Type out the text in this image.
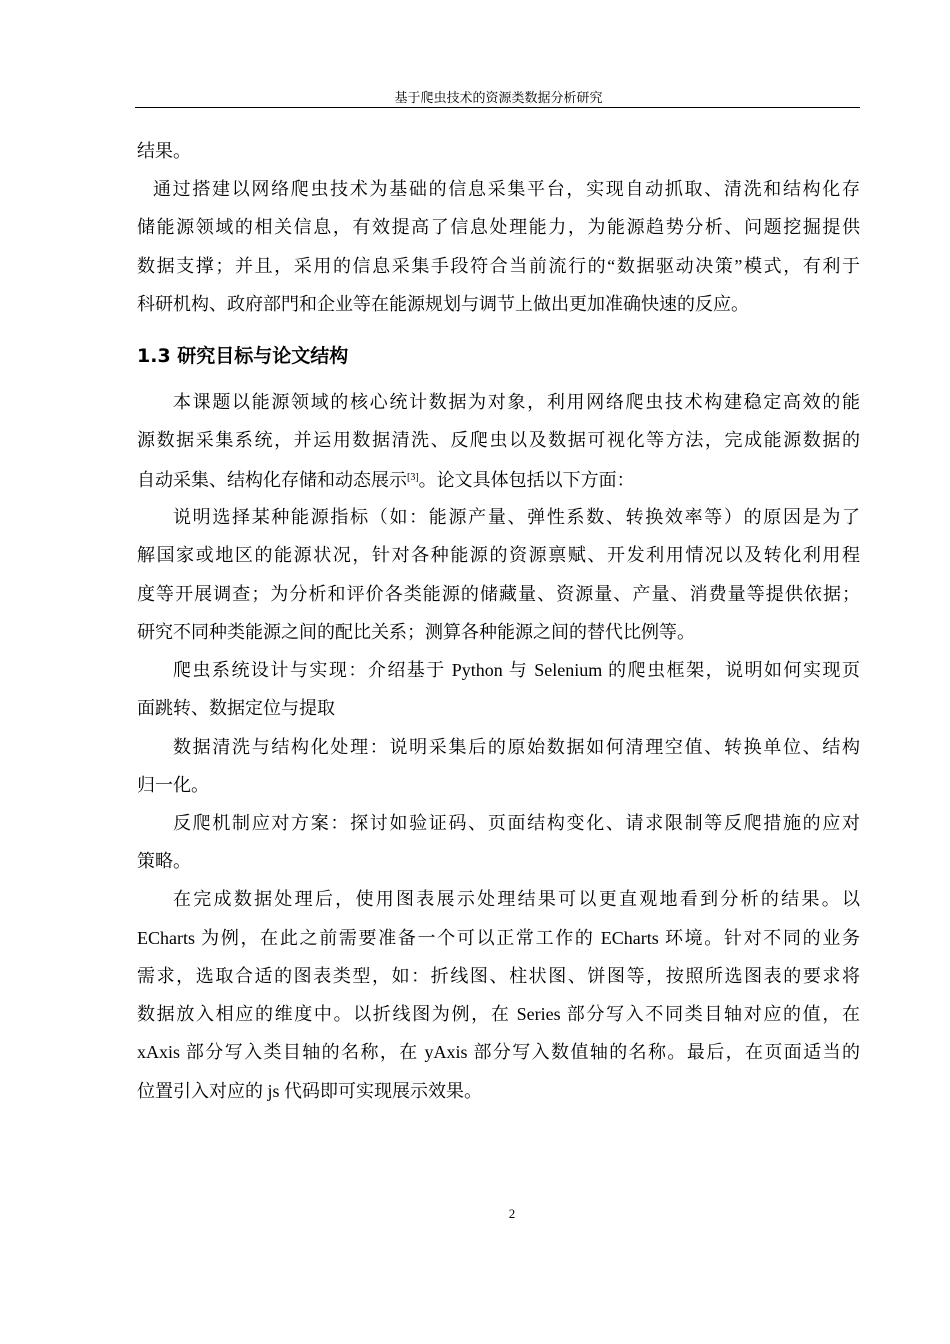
基于爬虫技术的资源类数据分析研究
结果。
通过搭建以网络爬虫技术为基础的信息采集平台，实现自动抓取、清洗和结构化存
储能源领域的相关信息，有效提高了信息处理能力，为能源趋势分析、问题挖掘提供
数据支撑；并且，采用的信息采集手段符合当前流行的“数据驱动决策”模式，有利于
科研机构、政府部門和企业等在能源规划与调节上做出更加准确快速的反应。
1.3 研究目标与论文结构
本课题以能源领域的核心统计数据为对象，利用网络爬虫技术构建稳定高效的能
源数据采集系统，并运用数据清洗、反爬虫以及数据可视化等方法，完成能源数据的
自动采集、结构化存储和动态展示[3]。论文具体包括以下方面：
说明选择某种能源指标（如：能源产量、弹性系数、转换效率等）的原因是为了
解国家或地区的能源状况，针对各种能源的资源禀赋、开发利用情况以及转化利用程
度等开展调查；为分析和评价各类能源的储藏量、资源量、产量、消费量等提供依据；
研究不同种类能源之间的配比关系；测算各种能源之间的替代比例等。
爬虫系统设计与实现：介绍基于 Python 与 Selenium 的爬虫框架，说明如何实现页
面跳转、数据定位与提取
数据清洗与结构化处理：说明采集后的原始数据如何清理空值、转换单位、结构
归一化。
反爬机制应对方案：探讨如验证码、页面结构变化、请求限制等反爬措施的应对
策略。
在完成数据处理后，使用图表展示处理结果可以更直观地看到分析的结果。以
ECharts 为例，在此之前需要准备一个可以正常工作的 ECharts 环境。针对不同的业务
需求，选取合适的图表类型，如：折线图、柱状图、饼图等，按照所选图表的要求将
数据放入相应的维度中。以折线图为例，在 Series 部分写入不同类目轴对应的值，在
xAxis 部分写入类目轴的名称，在 yAxis 部分写入数值轴的名称。最后，在页面适当的
位置引入对应的 js 代码即可实现展示效果。
2
